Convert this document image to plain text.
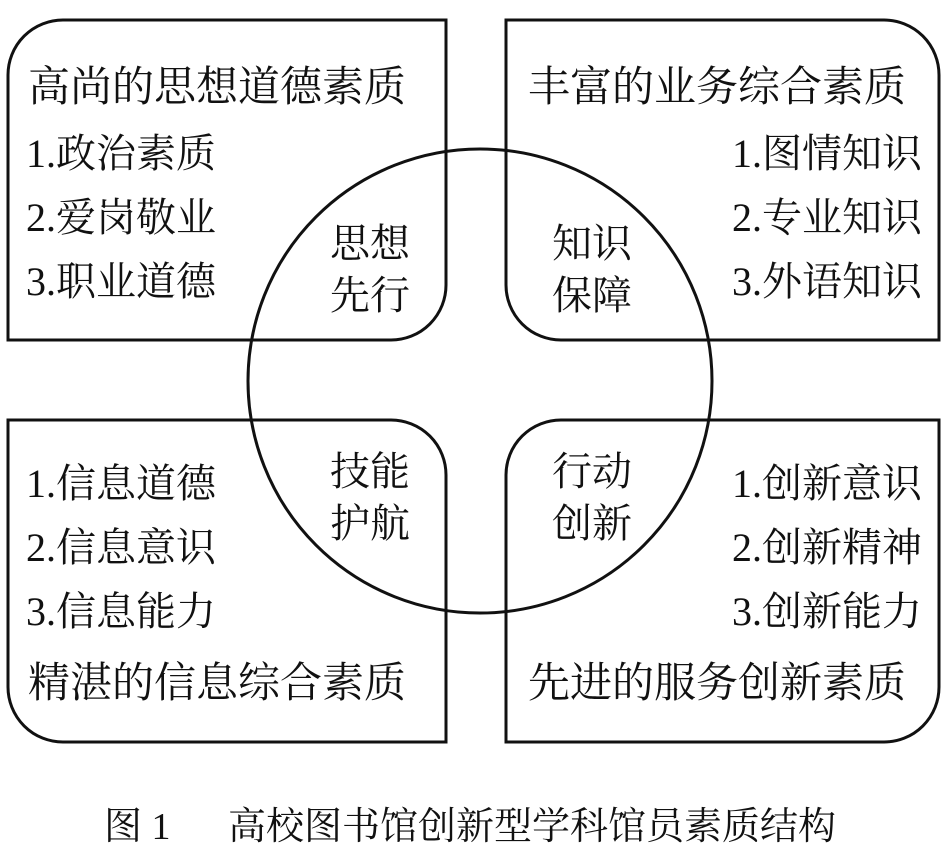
高尚的思想道德素质
1.政治素质
2.爱岗敬业
3.职业道德
思想
先行
丰富的业务综合素质
1.图情知识
2.专业知识
3.外语知识
知识
保障
1.信息道德
2.信息意识
3.信息能力
精湛的信息综合素质
技能
护航
1.创新意识
2.创新精神
3.创新能力
先进的服务创新素质
行动
创新
图 1 高校图书馆创新型学科馆员素质结构
